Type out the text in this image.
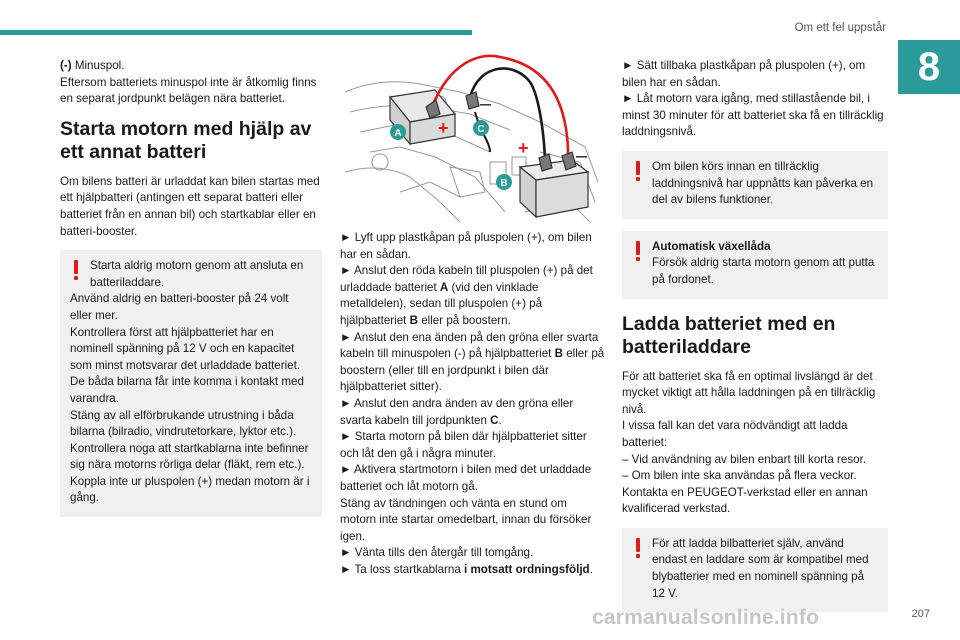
Om ett fel uppstår
8
(-) Minuspol.
Eftersom batteriets minuspol inte är åtkomlig finns en separat jordpunkt belägen nära batteriet.
Starta motorn med hjälp av ett annat batteri
Om bilens batteri är urladdat kan bilen startas med ett hjälpbatteri (antingen ett separat batteri eller batteriet från en annan bil) och startkablar eller en batteri-booster.
Starta aldrig motorn genom att ansluta en batteriladdare.
Använd aldrig en batteri-booster på 24 volt eller mer.
Kontrollera först att hjälpbatteriet har en nominell spänning på 12 V och en kapacitet som minst motsvarar det urladdade batteriet.
De båda bilarna får inte komma i kontakt med varandra.
Stäng av all elförbrukande utrustning i båda bilarna (bilradio, vindrutetorkare, lyktor etc.).
Kontrollera noga att startkablarna inte befinner sig nära motorns rörliga delar (fläkt, rem etc.).
Koppla inte ur pluspolen (+) medan motorn är i gång.
+
+
–
–
A	C
B
► Lyft upp plastkåpan på pluspolen (+), om bilen har en sådan.
► Anslut den röda kabeln till pluspolen (+) på det urladdade batteriet A (vid den vinklade metalldelen), sedan till pluspolen (+) på hjälpbatteriet B eller på boostern.
► Anslut den ena änden på den gröna eller svarta kabeln till minuspolen (-) på hjälpbatteriet B eller på boostern (eller till en jordpunkt i bilen där hjälpbatteriet sitter).
► Anslut den andra änden av den gröna eller svarta kabeln till jordpunkten C.
► Starta motorn på bilen där hjälpbatteriet sitter och låt den gå i några minuter.
► Aktivera startmotorn i bilen med det urladdade batteriet och låt motorn gå.
Stäng av tändningen och vänta en stund om motorn inte startar omedelbart, innan du försöker igen.
► Vänta tills den återgår till tomgång.
► Ta loss startkablarna i motsatt ordningsföljd.
► Sätt tillbaka plastkåpan på pluspolen (+), om bilen har en sådan.
► Låt motorn vara igång, med stillastående bil, i minst 30 minuter för att batteriet ska få en tillräcklig laddningsnivå.
Om bilen körs innan en tillräcklig laddningsnivå har uppnåtts kan påverka en del av bilens funktioner.
Automatisk växellåda
Försök aldrig starta motorn genom att putta på fordonet.
Ladda batteriet med en batteriladdare
För att batteriet ska få en optimal livslängd är det mycket viktigt att hålla laddningen på en tillräcklig nivå.
I vissa fall kan det vara nödvändigt att ladda batteriet:
– Vid användning av bilen enbart till korta resor.
– Om bilen inte ska användas på flera veckor.
Kontakta en PEUGEOT-verkstad eller en annan kvalificerad verkstad.
För att ladda bilbatteriet själv, använd endast en laddare som är kompatibel med blybatterier med en nominell spänning på 12 V.
207
carmanualsonline.info
